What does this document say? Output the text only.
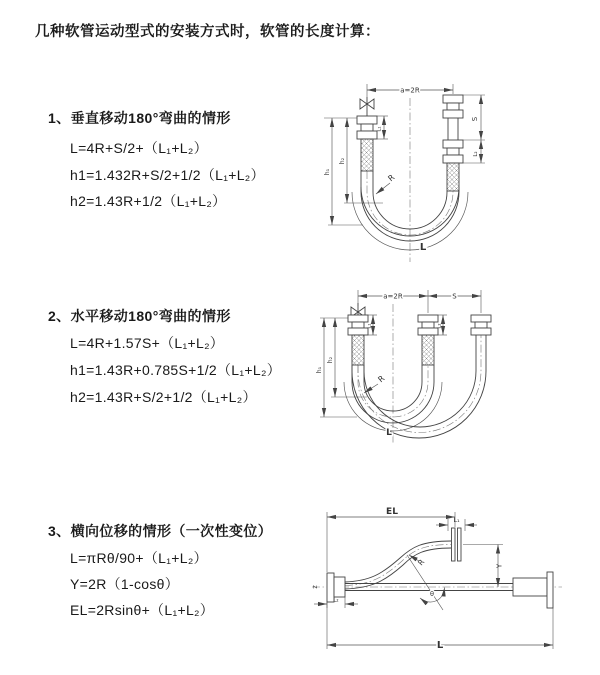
几种软管运动型式的安装方式时，软管的长度计算：
1、垂直移动180°弯曲的情形
L=4R+S/2+（L₁+L₂）
h1=1.432R+S/2+1/2（L₁+L₂）
h2=1.43R+1/2（L₁+L₂）
2、水平移动180°弯曲的情形
L=4R+1.57S+（L₁+L₂）
h1=1.43R+0.785S+1/2（L₁+L₂）
h2=1.43R+S/2+1/2（L₁+L₂）
3、横向位移的情形（一次性变位）
L=πRθ/90+（L₁+L₂）
Y=2R（1-cosθ）
EL=2Rsinθ+（L₁+L₂）
a=2R
S
L₂
L₁
h₁
h₂
R
L
a=2R	S
h₁
h₂
L₁	L₂
R
L
EL
L₁
Y
R
θ
L
L₂
Z
